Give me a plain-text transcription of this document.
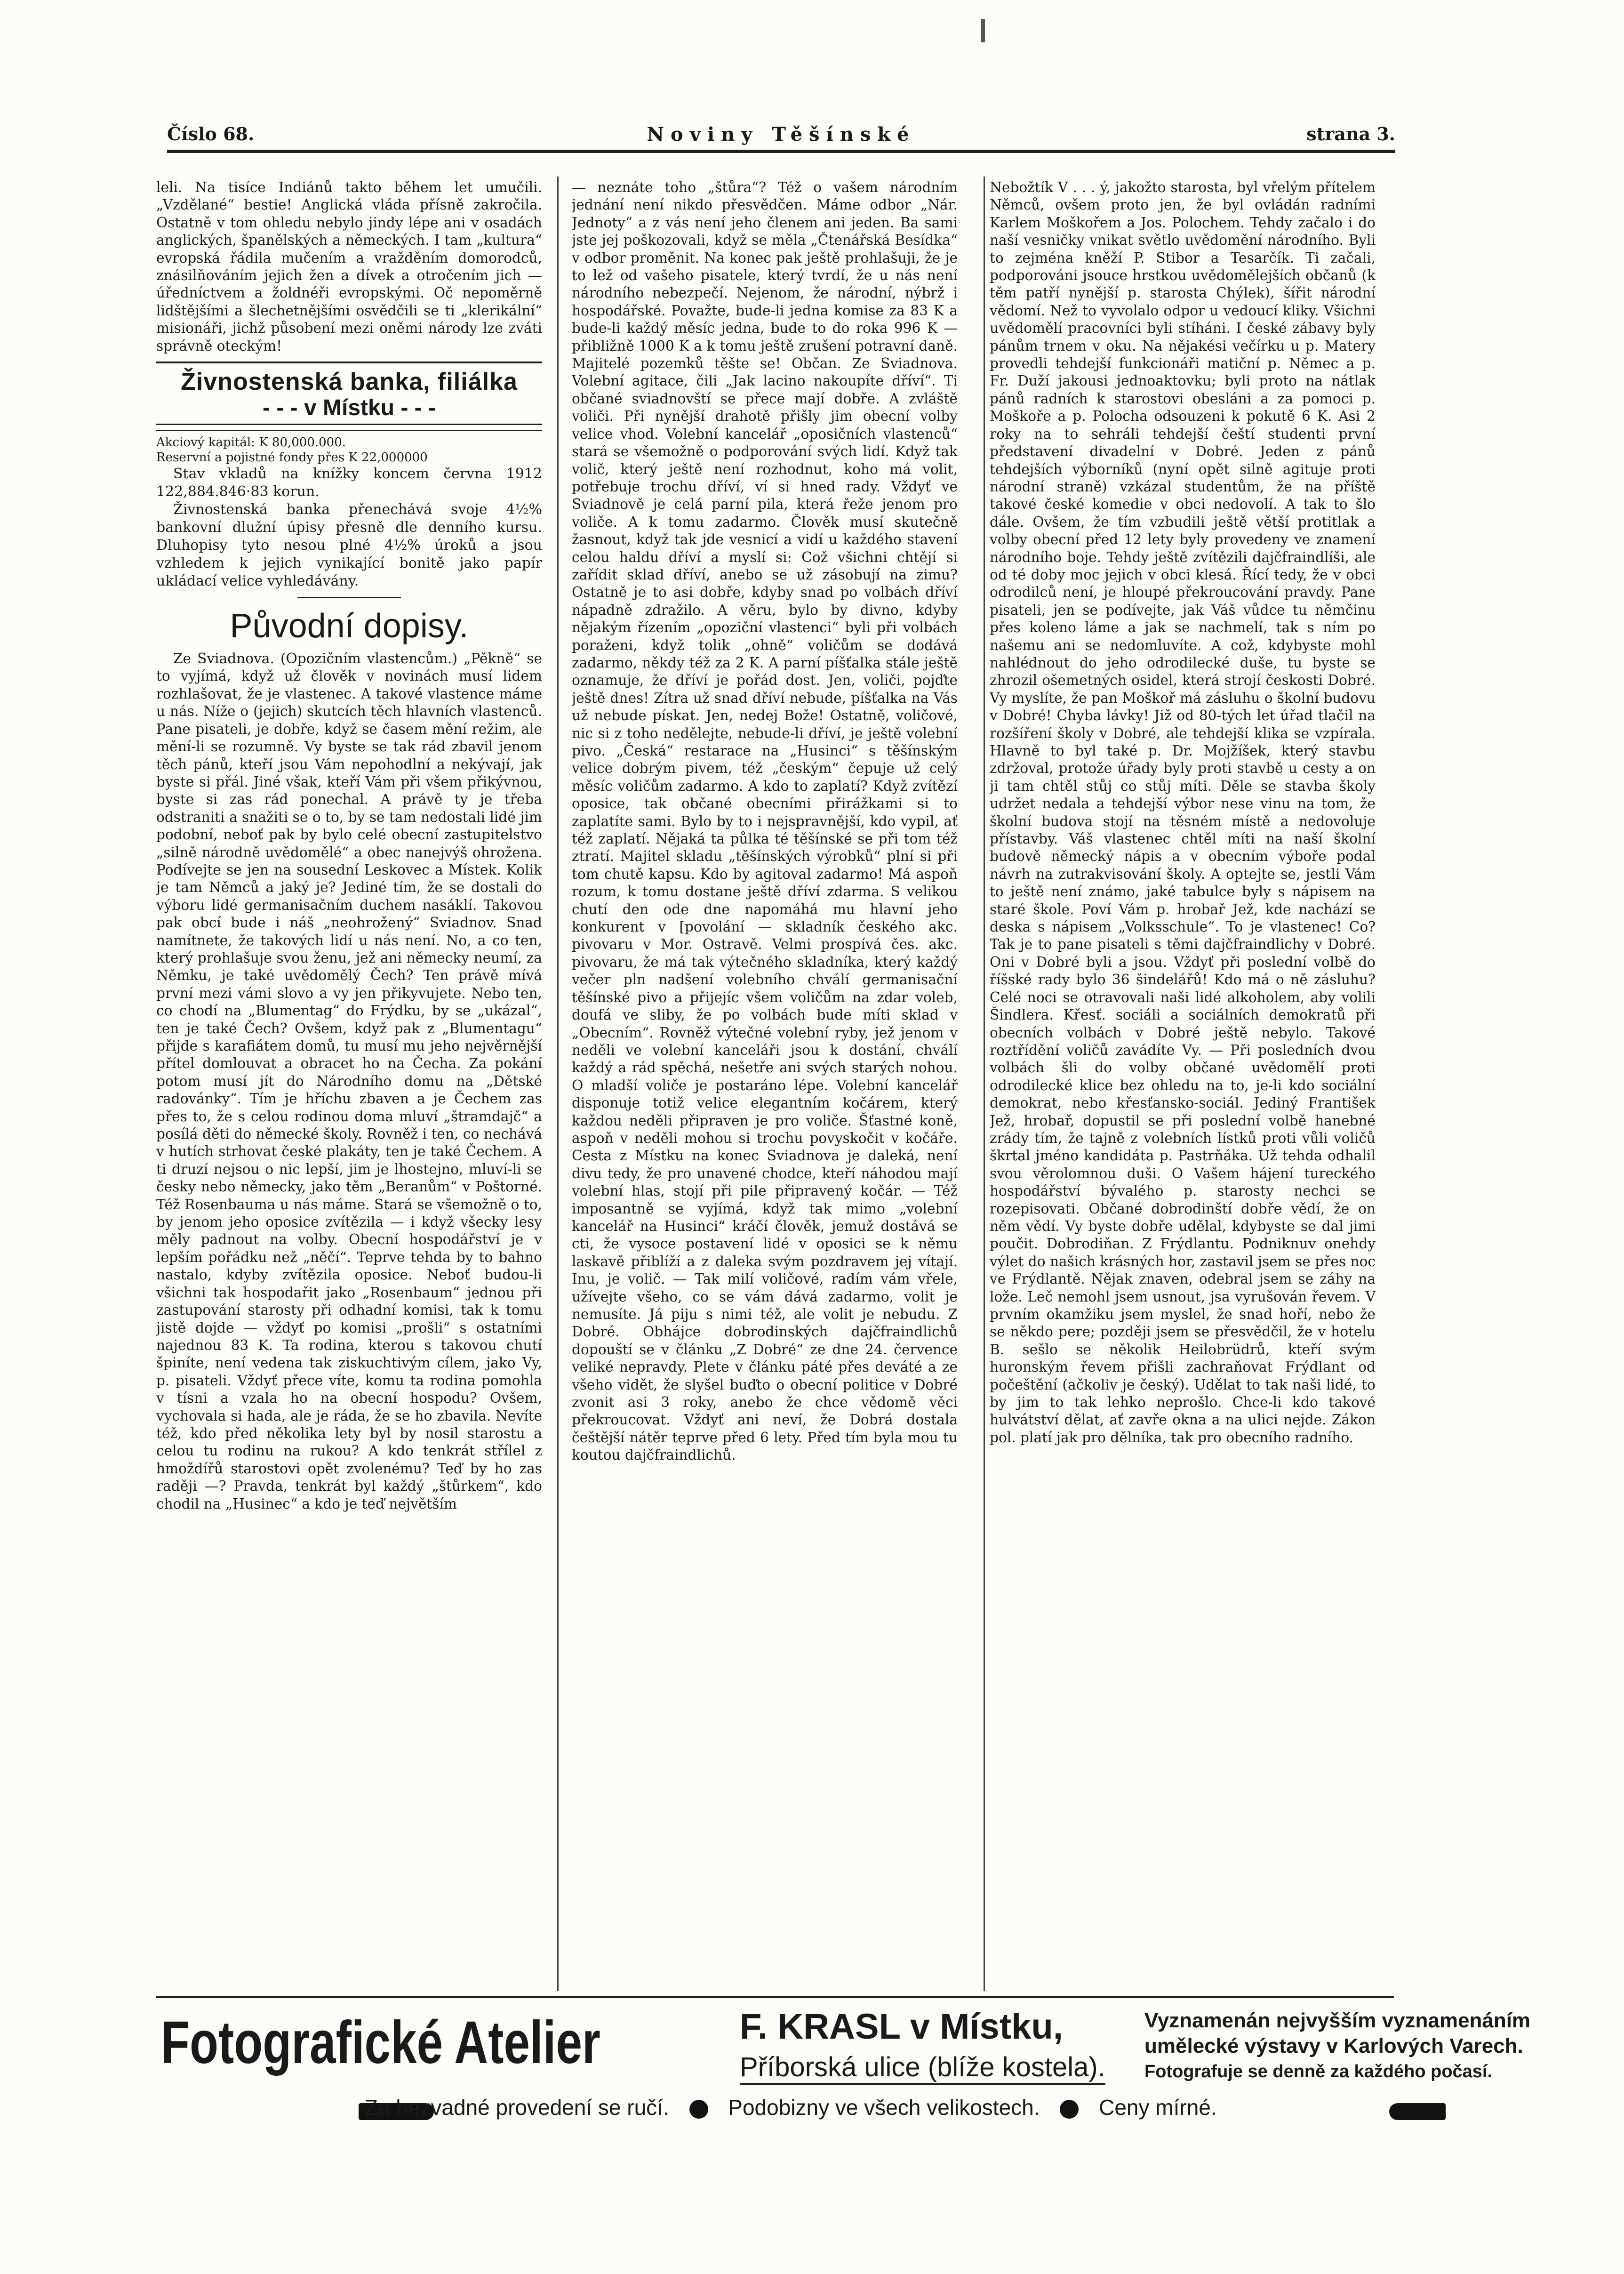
Číslo 68.	Noviny Těšínské	strana 3.

leli. Na tisíce Indiánů takto během let umučili. „Vzdělané“ bestie! Anglická vláda přísně zakročila. Ostatně v tom ohledu nebylo jindy lépe ani v osadách anglických, španělských a německých. I tam „kultura“ evropská řádila mučením a vražděním domorodců, znásilňováním jejich žen a dívek a otročením jich — úředníctvem a žoldnéři evropskými. Oč nepoměrně lidštějšími a šlechetnějšími osvědčili se ti „klerikální“ misionáři, jichž působení mezi oněmi národy lze zváti správně oteckým!

Živnostenská banka, filiálka
- - - v Místku - - -
Akciový kapitál: K 80,000.000.
Reservní a pojistné fondy přes K 22,000000

Stav vkladů na knížky koncem června 1912 122,884.846·83 korun.

Živnostenská banka přenechává svoje 4½% bankovní dlužní úpisy přesně dle denního kursu. Dluhopisy tyto nesou plné 4½% úroků a jsou vzhledem k jejich vynikající bonitě jako papír ukládací velice vyhledávány.

Původní dopisy.

Ze Sviadnova. (Opozičním vlastencům.) „Pěkně“ se to vyjímá, když už člověk v novinách musí lidem rozhlašovat, že je vlastenec. A takové vlastence máme u nás. Níže o (jejich) skutcích těch hlavních vlastenců. Pane pisateli, je dobře, když se časem mění režim, ale mění-li se rozumně. Vy byste se tak rád zbavil jenom těch pánů, kteří jsou Vám nepohodlní a nekývají, jak byste si přál. Jiné však, kteří Vám při všem přikývnou, byste si zas rád ponechal. A právě ty je třeba odstraniti a snažiti se o to, by se tam nedostali lidé jim podobní, neboť pak by bylo celé obecní zastupitelstvo „silně národně uvědomělé“ a obec nanejvýš ohrožena. Podívejte se jen na sousední Leskovec a Místek. Kolik je tam Němců a jaký je? Jediné tím, že se dostali do výboru lidé germanisačním duchem nasáklí. Takovou pak obcí bude i náš „neohrožený“ Sviadnov. Snad namítnete, že takových lidí u nás není. No, a co ten, který prohlašuje svou ženu, jež ani německy neumí, za Němku, je také uvědomělý Čech? Ten právě mívá první mezi vámi slovo a vy jen přikyvujete. Nebo ten, co chodí na „Blumentag“ do Frýdku, by se „ukázal“, ten je také Čech? Ovšem, když pak z „Blumentagu“ přijde s karafiátem domů, tu musí mu jeho nejvěrnější přítel domlouvat a obracet ho na Čecha. Za pokání potom musí jít do Národního domu na „Dětské radovánky“. Tím je hříchu zbaven a je Čechem zas přes to, že s celou rodinou doma mluví „štramdajč“ a posílá děti do německé školy. Rovněž i ten, co nechává v hutích strhovat české plakáty, ten je také Čechem. A ti druzí nejsou o nic lepší, jim je lhostejno, mluví-li se česky nebo německy, jako těm „Beranům“ v Poštorné. Též Rosenbauma u nás máme. Stará se všemožně o to, by jenom jeho oposice zvítězila — i když všecky lesy měly padnout na volby. Obecní hospodářství je v lepším pořádku než „něčí“. Teprve tehda by to bahno nastalo, kdyby zvítězila oposice. Neboť budou-li všichni tak hospodařit jako „Rosenbaum“ jednou při zastupování starosty při odhadní komisi, tak k tomu jistě dojde — vždyť po komisi „prošli“ s ostatními najednou 83 K. Ta rodina, kterou s takovou chutí špiníte, není vedena tak ziskuchtivým cílem, jako Vy, p. pisateli. Vždyť přece víte, komu ta rodina pomohla v tísni a vzala ho na obecní hospodu? Ovšem, vychovala si hada, ale je ráda, že se ho zbavila. Nevíte též, kdo před několika lety byl by nosil starostu a celou tu rodinu na rukou? A kdo tenkrát střílel z hmoždířů starostovi opět zvolenému? Teď by ho zas raději —? Pravda, tenkrát byl každý „štůrkem“, kdo chodil na „Husinec“ a kdo je teď největším

— neznáte toho „štůra“? Též o vašem národním jednání není nikdo přesvědčen. Máme odbor „Nár. Jednoty“ a z vás není jeho členem ani jeden. Ba sami jste jej poškozovali, když se měla „Čtenářská Besídka“ v odbor proměnit. Na konec pak ještě prohlašuji, že je to lež od vašeho pisatele, který tvrdí, že u nás není národního nebezpečí. Nejenom, že národní, nýbrž i hospodářské. Považte, bude-li jedna komise za 83 K a bude-li každý měsíc jedna, bude to do roka 996 K — přibližně 1000 K a k tomu ještě zrušení potravní daně. Majitelé pozemků těšte se! Občan. Ze Sviadnova. Volební agitace, čili „Jak lacino nakoupíte dříví“. Ti občané sviadnovští se přece mají dobře. A zvláště voliči. Při nynější drahotě přišly jim obecní volby velice vhod. Volební kancelář „oposičních vlastenců“ stará se všemožně o podporování svých lidí. Když tak volič, který ještě není rozhodnut, koho má volit, potřebuje trochu dříví, ví si hned rady. Vždyť ve Sviadnově je celá parní pila, která řeže jenom pro voliče. A k tomu zadarmo. Člověk musí skutečně žasnout, když tak jde vesnicí a vidí u každého stavení celou haldu dříví a myslí si: Což všichni chtějí si zařídit sklad dříví, anebo se už zásobují na zimu? Ostatně je to asi dobře, kdyby snad po volbách dříví nápadně zdražilo. A věru, bylo by divno, kdyby nějakým řízením „opoziční vlastenci“ byli při volbách poraženi, když tolik „ohně“ voličům se dodává zadarmo, někdy též za 2 K. A parní píšťalka stále ještě oznamuje, že dříví je pořád dost. Jen, voliči, pojďte ještě dnes! Zítra už snad dříví nebude, píšťalka na Vás už nebude pískat. Jen, nedej Bože! Ostatně, voličové, nic si z toho nedělejte, nebude-li dříví, je ještě volební pivo. „Česká“ restarace na „Husinci“ s těšínským velice dobrým pivem, též „českým“ čepuje už celý měsíc voličům zadarmo. A kdo to zaplatí? Když zvítězí oposice, tak občané obecními přirážkami si to zaplatíte sami. Bylo by to i nejspravnější, kdo vypil, ať též zaplatí. Nějaká ta půlka té těšínské se při tom též ztratí. Majitel skladu „těšínských výrobků“ plní si při tom chutě kapsu. Kdo by agitoval zadarmo! Má aspoň rozum, k tomu dostane ještě dříví zdarma. S velikou chutí den ode dne napomáhá mu hlavní jeho konkurent v [povolání — skladník českého akc. pivovaru v Mor. Ostravě. Velmi prospívá čes. akc. pivovaru, že má tak výtečného skladníka, který každý večer pln nadšení volebního chválí germanisační těšínské pivo a přijejíc všem voličům na zdar voleb, doufá ve sliby, že po volbách bude míti sklad v „Obecním“. Rovněž výtečné volební ryby, jež jenom v neděli ve volební kanceláři jsou k dostání, chválí každý a rád spěchá, nešetře ani svých starých nohou. O mladší voliče je postaráno lépe. Volební kancelář disponuje totiž velice elegantním kočárem, který každou neděli připraven je pro voliče. Šťastné koně, aspoň v neděli mohou si trochu povyskočit v kočáře. Cesta z Místku na konec Sviadnova je daleká, není divu tedy, že pro unavené chodce, kteří náhodou mají volební hlas, stojí při pile připravený kočár. — Též imposantně se vyjímá, když tak mimo „volební kancelář na Husinci“ kráčí člověk, jemuž dostává se cti, že vysoce postavení lidé v oposici se k němu laskavě přiblíží a z daleka svým pozdravem jej vítají. Inu, je volič. — Tak milí voličové, radím vám vřele, užívejte všeho, co se vám dává zadarmo, volit je nemusíte. Já piju s nimi též, ale volit je nebudu. Z Dobré. Obhájce dobrodinských dajčfraindlichů dopouští se v článku „Z Dobré“ ze dne 24. července veliké nepravdy. Plete v článku páté přes deváté a ze všeho vidět, že slyšel buďto o obecní politice v Dobré zvonit asi 3 roky, anebo že chce vědomě věci překroucovat. Vždyť ani neví, že Dobrá dostala češtější nátěr teprve před 6 lety. Před tím byla mou tu koutou dajčfraindlichů.

Nebožtík V . . . ý, jakožto starosta, byl vřelým přítelem Němců, ovšem proto jen, že byl ovládán radními Karlem Moškořem a Jos. Polochem. Tehdy začalo i do naší vesničky vnikat světlo uvědomění národního. Byli to zejména kněží P. Stibor a Tesarčík. Ti začali, podporováni jsouce hrstkou uvědomělejších občanů (k těm patří nynější p. starosta Chýlek), šířit národní vědomí. Než to vyvolalo odpor u vedoucí kliky. Všichni uvědomělí pracovníci byli stíháni. I české zábavy byly pánům trnem v oku. Na nějakési večírku u p. Matery provedli tehdejší funkcionáři matiční p. Němec a p. Fr. Duží jakousi jednoaktovku; byli proto na nátlak pánů radních k starostovi obesláni a za pomoci p. Moškoře a p. Polocha odsouzeni k pokutě 6 K. Asi 2 roky na to sehráli tehdejší čeští studenti první představení divadelní v Dobré. Jeden z pánů tehdejších výborníků (nyní opět silně agituje proti národní straně) vzkázal studentům, že na příště takové české komedie v obci nedovolí. A tak to šlo dále. Ovšem, že tím vzbudili ještě větší protitlak a volby obecní před 12 lety byly provedeny ve znamení národního boje. Tehdy ještě zvítězili dajčfraindlíši, ale od té doby moc jejich v obci klesá. Řící tedy, že v obci odrodilců není, je hloupé překroucování pravdy. Pane pisateli, jen se podívejte, jak Váš vůdce tu němčinu přes koleno láme a jak se nachmelí, tak s ním po našemu ani se nedomluvíte. A což, kdybyste mohl nahlédnout do jeho odrodilecké duše, tu byste se zhrozil ošemetných osidel, která strojí českosti Dobré. Vy myslíte, že pan Moškoř má zásluhu o školní budovu v Dobré! Chyba lávky! Již od 80-tých let úřad tlačil na rozšíření školy v Dobré, ale tehdejší klika se vzpírala. Hlavně to byl také p. Dr. Mojžíšek, který stavbu zdržoval, protože úřady byly proti stavbě u cesty a on ji tam chtěl stůj co stůj míti. Děle se stavba školy udržet nedala a tehdejší výbor nese vinu na tom, že školní budova stojí na těsném místě a nedovoluje přístavby. Váš vlastenec chtěl míti na naší školní budově německý nápis a v obecním výboře podal návrh na zutrakvisování školy. A optejte se, jestli Vám to ještě není známo, jaké tabulce byly s nápisem na staré škole. Poví Vám p. hrobař Jež, kde nachází se deska s nápisem „Volksschule“. To je vlastenec! Co? Tak je to pane pisateli s těmi dajčfraindlichy v Dobré. Oni v Dobré byli a jsou. Vždyť při poslední volbě do říšské rady bylo 36 šindelářů! Kdo má o ně zásluhu? Celé noci se otravovali naši lidé alkoholem, aby volili Šindlera. Křesť. sociáli a sociálních demokratů při obecních volbách v Dobré ještě nebylo. Takové roztřídění voličů zavádíte Vy. — Při posledních dvou volbách šli do volby občané uvědomělí proti odrodilecké klice bez ohledu na to, je-li kdo sociální demokrat, nebo křesťansko-sociál. Jediný František Jež, hrobař, dopustil se při poslední volbě hanebné zrády tím, že tajně z volebních lístků proti vůli voličů škrtal jméno kandidáta p. Pastrňáka. Už tehda odhalil svou věrolomnou duši. O Vašem hájení tureckého hospodářství bývalého p. starosty nechci se rozepisovati. Občané dobrodinští dobře vědí, že on něm vědí. Vy byste dobře udělal, kdybyste se dal jimi poučit. Dobrodiňan. Z Frýdlantu. Podniknuv onehdy výlet do našich krásných hor, zastavil jsem se přes noc ve Frýdlantě. Nějak znaven, odebral jsem se záhy na lože. Leč nemohl jsem usnout, jsa vyrušován řevem. V prvním okamžiku jsem myslel, že snad hoří, nebo že se někdo pere; později jsem se přesvědčil, že v hotelu B. sešlo se několik Heilobrüdrů, kteří svým huronským řevem přišli zachraňovat Frýdlant od počeštění (ačkoliv je český). Udělat to tak naši lidé, to by jim to tak lehko neprošlo. Chce-li kdo takové hulvátství dělat, ať zavře okna a na ulici nejde. Zákon pol. platí jak pro dělníka, tak pro obecního radního.

Fotografické Atelier	F. KRASL v Místku,
Příborská ulice (blíže kostela).
Vyznamenán nejvyšším vyznamenáním
umělecké výstavy v Karlových Varech.
Fotografuje se denně za každého počasí.
Za bezvadné provedení se ručí.	Podobizny ve všech velikostech.	Ceny mírné.
